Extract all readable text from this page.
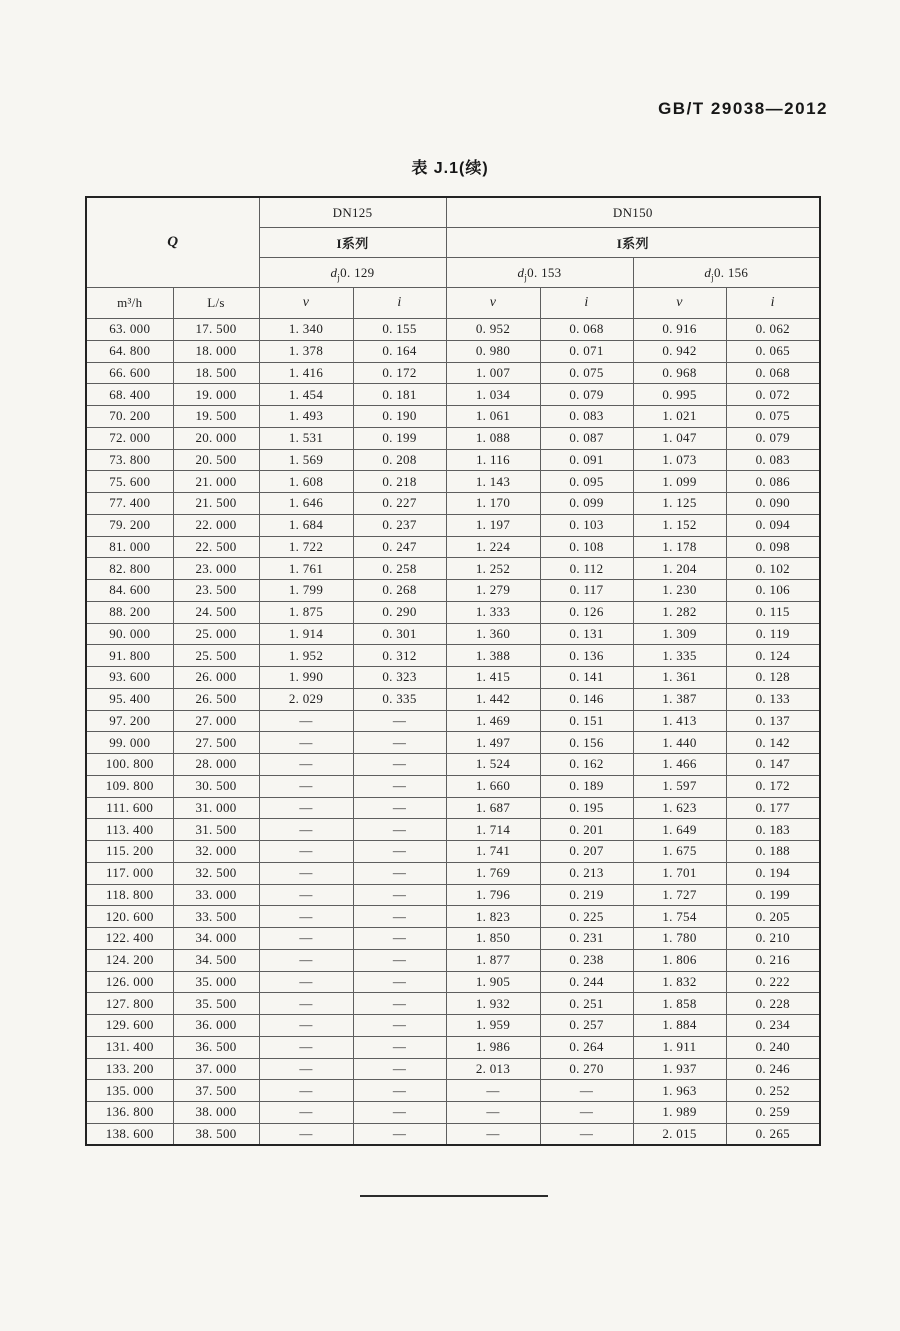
GB/T 29038—2012
表 J.1(续)
Q		DN125		DN150			
		I系列		I系列			
		$d_j0$. 129		$d_j0$. 153		$d_j0$. 156	
m³/h	L/s	v	i	v	i	v	i
63. 000	17. 500	1. 340	0. 155	0. 952	0. 068	0. 916	0. 062
64. 800	18. 000	1. 378	0. 164	0. 980	0. 071	0. 942	0. 065
66. 600	18. 500	1. 416	0. 172	1. 007	0. 075	0. 968	0. 068
68. 400	19. 000	1. 454	0. 181	1. 034	0. 079	0. 995	0. 072
70. 200	19. 500	1. 493	0. 190	1. 061	0. 083	1. 021	0. 075
72. 000	20. 000	1. 531	0. 199	1. 088	0. 087	1. 047	0. 079
73. 800	20. 500	1. 569	0. 208	1. 116	0. 091	1. 073	0. 083
75. 600	21. 000	1. 608	0. 218	1. 143	0. 095	1. 099	0. 086
77. 400	21. 500	1. 646	0. 227	1. 170	0. 099	1. 125	0. 090
79. 200	22. 000	1. 684	0. 237	1. 197	0. 103	1. 152	0. 094
81. 000	22. 500	1. 722	0. 247	1. 224	0. 108	1. 178	0. 098
82. 800	23. 000	1. 761	0. 258	1. 252	0. 112	1. 204	0. 102
84. 600	23. 500	1. 799	0. 268	1. 279	0. 117	1. 230	0. 106
88. 200	24. 500	1. 875	0. 290	1. 333	0. 126	1. 282	0. 115
90. 000	25. 000	1. 914	0. 301	1. 360	0. 131	1. 309	0. 119
91. 800	25. 500	1. 952	0. 312	1. 388	0. 136	1. 335	0. 124
93. 600	26. 000	1. 990	0. 323	1. 415	0. 141	1. 361	0. 128
95. 400	26. 500	2. 029	0. 335	1. 442	0. 146	1. 387	0. 133
97. 200	27. 000	—	—	1. 469	0. 151	1. 413	0. 137
99. 000	27. 500	—	—	1. 497	0. 156	1. 440	0. 142
100. 800	28. 000	—	—	1. 524	0. 162	1. 466	0. 147
109. 800	30. 500	—	—	1. 660	0. 189	1. 597	0. 172
111. 600	31. 000	—	—	1. 687	0. 195	1. 623	0. 177
113. 400	31. 500	—	—	1. 714	0. 201	1. 649	0. 183
115. 200	32. 000	—	—	1. 741	0. 207	1. 675	0. 188
117. 000	32. 500	—	—	1. 769	0. 213	1. 701	0. 194
118. 800	33. 000	—	—	1. 796	0. 219	1. 727	0. 199
120. 600	33. 500	—	—	1. 823	0. 225	1. 754	0. 205
122. 400	34. 000	—	—	1. 850	0. 231	1. 780	0. 210
124. 200	34. 500	—	—	1. 877	0. 238	1. 806	0. 216
126. 000	35. 000	—	—	1. 905	0. 244	1. 832	0. 222
127. 800	35. 500	—	—	1. 932	0. 251	1. 858	0. 228
129. 600	36. 000	—	—	1. 959	0. 257	1. 884	0. 234
131. 400	36. 500	—	—	1. 986	0. 264	1. 911	0. 240
133. 200	37. 000	—	—	2. 013	0. 270	1. 937	0. 246
135. 000	37. 500	—	—	—	—	1. 963	0. 252
136. 800	38. 000	—	—	—	—	1. 989	0. 259
138. 600	38. 500	—	—	—	—	2. 015	0. 265
